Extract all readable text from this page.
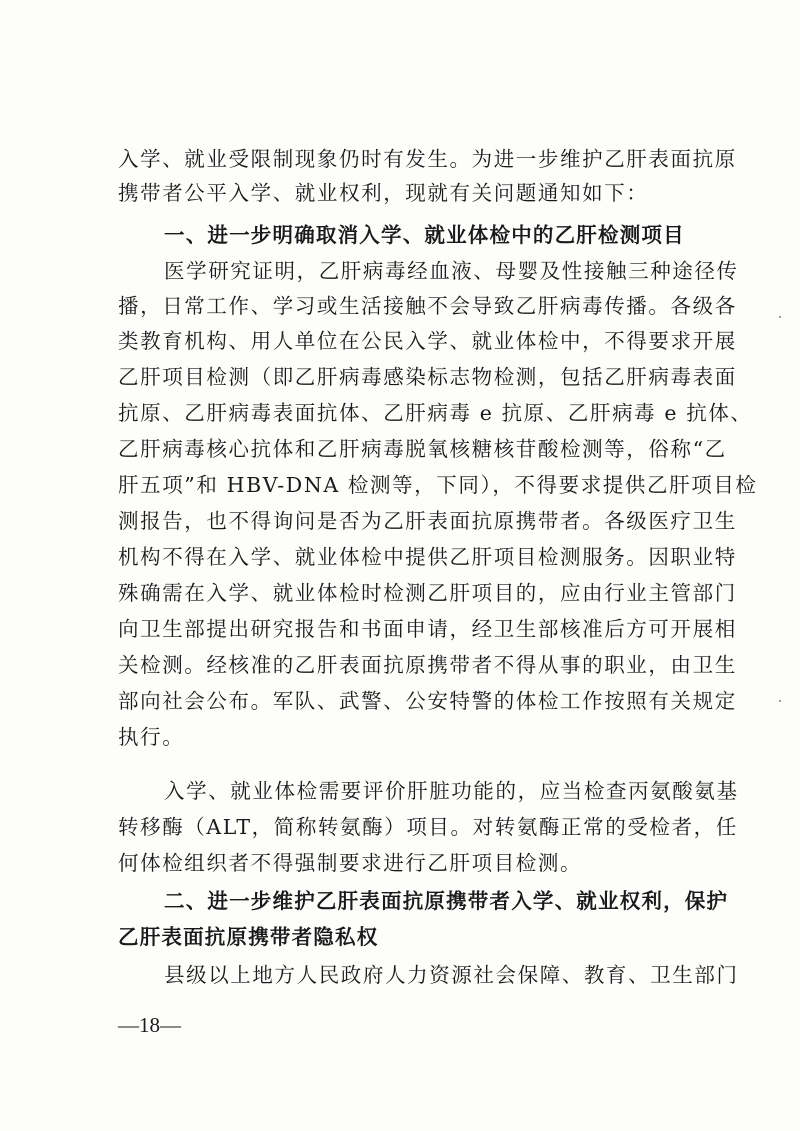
入学、就业受限制现象仍时有发生。为进一步维护乙肝表面抗原
携带者公平入学、就业权利，现就有关问题通知如下：
一、进一步明确取消入学、就业体检中的乙肝检测项目
医学研究证明，乙肝病毒经血液、母婴及性接触三种途径传
播，日常工作、学习或生活接触不会导致乙肝病毒传播。各级各
类教育机构、用人单位在公民入学、就业体检中，不得要求开展
乙肝项目检测（即乙肝病毒感染标志物检测，包括乙肝病毒表面
抗原、乙肝病毒表面抗体、乙肝病毒 e 抗原、乙肝病毒 e 抗体、
乙肝病毒核心抗体和乙肝病毒脱氧核糖核苷酸检测等，俗称“乙
肝五项”和 HBV-DNA 检测等，下同），不得要求提供乙肝项目检
测报告，也不得询问是否为乙肝表面抗原携带者。各级医疗卫生
机构不得在入学、就业体检中提供乙肝项目检测服务。因职业特
殊确需在入学、就业体检时检测乙肝项目的，应由行业主管部门
向卫生部提出研究报告和书面申请，经卫生部核准后方可开展相
关检测。经核准的乙肝表面抗原携带者不得从事的职业，由卫生
部向社会公布。军队、武警、公安特警的体检工作按照有关规定
执行。
入学、就业体检需要评价肝脏功能的，应当检查丙氨酸氨基
转移酶（ALT，简称转氨酶）项目。对转氨酶正常的受检者，任
何体检组织者不得强制要求进行乙肝项目检测。
二、进一步维护乙肝表面抗原携带者入学、就业权利，保护
乙肝表面抗原携带者隐私权
县级以上地方人民政府人力资源社会保障、教育、卫生部门
—18—
